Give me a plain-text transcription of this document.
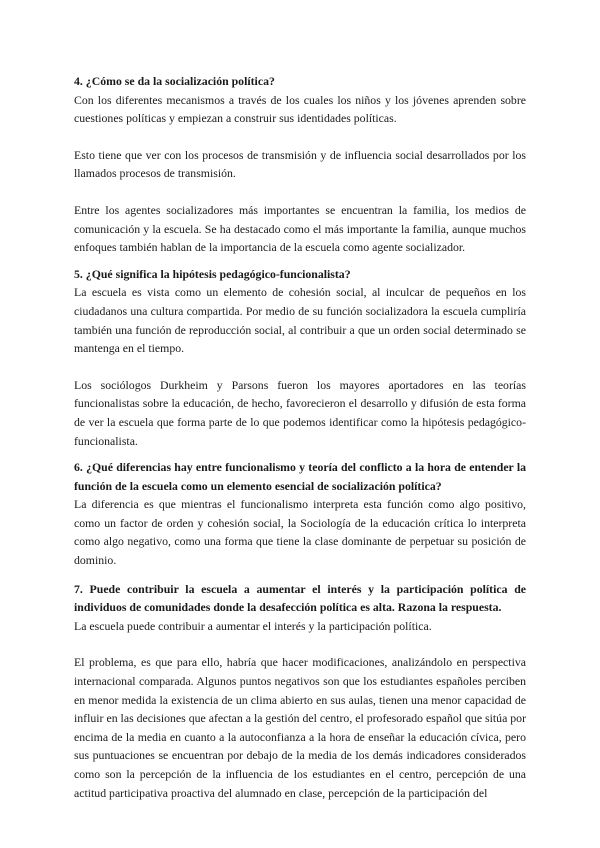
4. ¿Cómo se da la socialización política?

Con los diferentes mecanismos a través de los cuales los niños y los jóvenes aprenden sobre cuestiones políticas y empiezan a construir sus identidades políticas.

Esto tiene que ver con los procesos de transmisión y de influencia social desarrollados por los llamados procesos de transmisión.

Entre los agentes socializadores más importantes se encuentran la familia, los medios de comunicación y la escuela. Se ha destacado como el más importante la familia, aunque muchos enfoques también hablan de la importancia de la escuela como agente socializador.

5. ¿Qué significa la hipótesis pedagógico-funcionalista?

La escuela es vista como un elemento de cohesión social, al inculcar de pequeños en los ciudadanos una cultura compartida. Por medio de su función socializadora la escuela cumpliría también una función de reproducción social, al contribuir a que un orden social determinado se mantenga en el tiempo.

Los sociólogos Durkheim y Parsons fueron los mayores aportadores en las teorías funcionalistas sobre la educación, de hecho, favorecieron el desarrollo y difusión de esta forma de ver la escuela que forma parte de lo que podemos identificar como la hipótesis pedagógico-funcionalista.

6. ¿Qué diferencias hay entre funcionalismo y teoría del conflicto a la hora de entender la función de la escuela como un elemento esencial de socialización política?

La diferencia es que mientras el funcionalismo interpreta esta función como algo positivo, como un factor de orden y cohesión social, la Sociología de la educación crítica lo interpreta como algo negativo, como una forma que tiene la clase dominante de perpetuar su posición de dominio.

7. Puede contribuir la escuela a aumentar el interés y la participación política de individuos de comunidades donde la desafección política es alta. Razona la respuesta.

La escuela puede contribuir a aumentar el interés y la participación política.

El problema, es que para ello, habría que hacer modificaciones, analizándolo en perspectiva internacional comparada. Algunos puntos negativos son que los estudiantes españoles perciben en menor medida la existencia de un clima abierto en sus aulas, tienen una menor capacidad de influir en las decisiones que afectan a la gestión del centro, el profesorado español que sitúa por encima de la media en cuanto a la autoconfianza a la hora de enseñar la educación cívica, pero sus puntuaciones se encuentran por debajo de la media de los demás indicadores considerados como son la percepción de la influencia de los estudiantes en el centro, percepción de una actitud participativa proactiva del alumnado en clase, percepción de la participación del
